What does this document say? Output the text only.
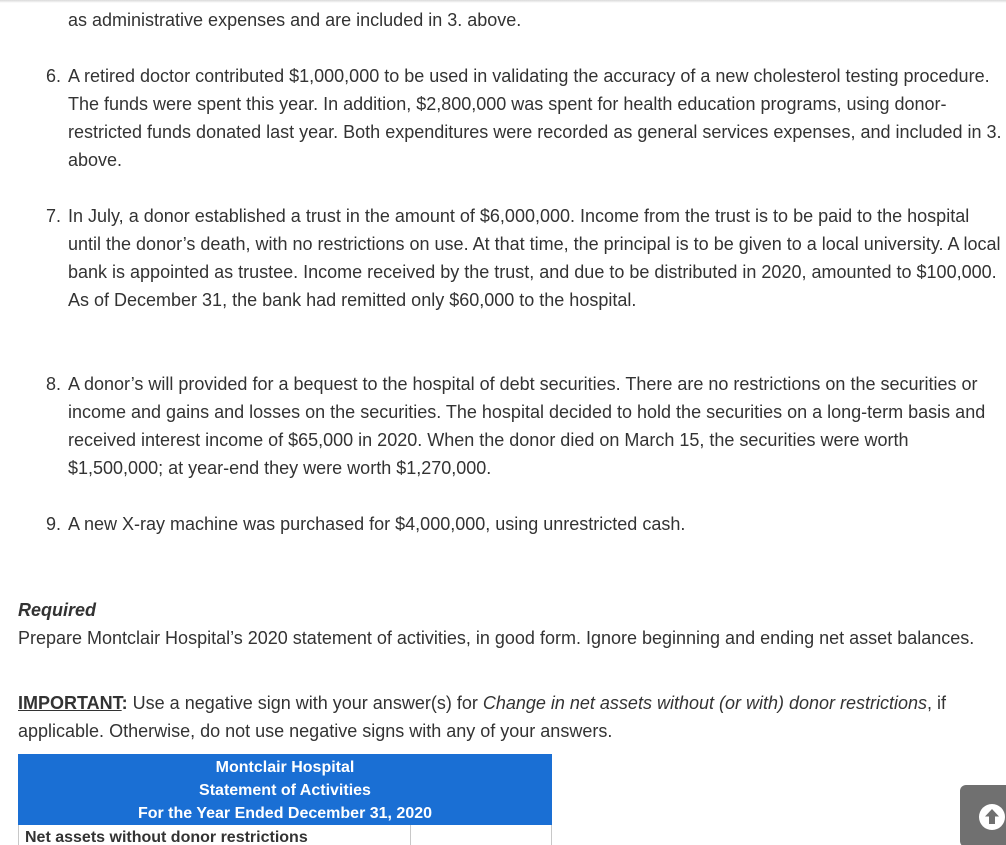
as administrative expenses and are included in 3. above.
6. A retired doctor contributed $1,000,000 to be used in validating the accuracy of a new cholesterol testing procedure. The funds were spent this year. In addition, $2,800,000 was spent for health education programs, using donor-restricted funds donated last year. Both expenditures were recorded as general services expenses, and included in 3. above.
7. In July, a donor established a trust in the amount of $6,000,000. Income from the trust is to be paid to the hospital until the donor’s death, with no restrictions on use. At that time, the principal is to be given to a local university. A local bank is appointed as trustee. Income received by the trust, and due to be distributed in 2020, amounted to $100,000. As of December 31, the bank had remitted only $60,000 to the hospital.
8. A donor’s will provided for a bequest to the hospital of debt securities. There are no restrictions on the securities or income and gains and losses on the securities. The hospital decided to hold the securities on a long-term basis and received interest income of $65,000 in 2020. When the donor died on March 15, the securities were worth $1,500,000; at year-end they were worth $1,270,000.
9. A new X-ray machine was purchased for $4,000,000, using unrestricted cash.
Required
Prepare Montclair Hospital’s 2020 statement of activities, in good form. Ignore beginning and ending net asset balances.
IMPORTANT: Use a negative sign with your answer(s) for Change in net assets without (or with) donor restrictions, if applicable. Otherwise, do not use negative signs with any of your answers.
Montclair Hospital
Statement of Activities
For the Year Ended December 31, 2020
Net assets without donor restrictions
